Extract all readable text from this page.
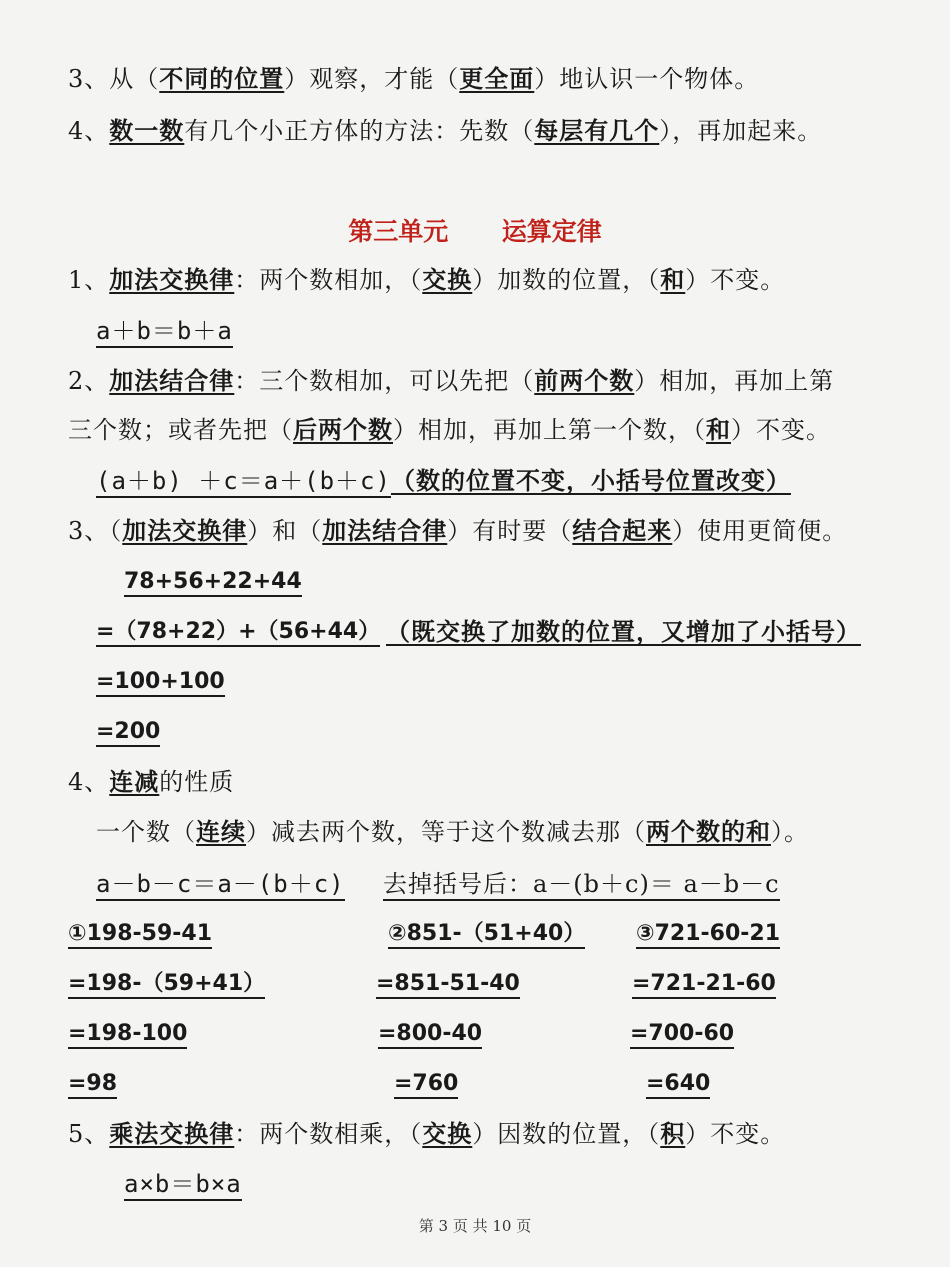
3、从（不同的位置）观察，才能（更全面）地认识一个物体。
4、数一数有几个小正方体的方法：先数（每层有几个），再加起来。
第三单元 运算定律
1、加法交换律：两个数相加，（交换）加数的位置，（和）不变。
a＋b＝b＋a
2、加法结合律：三个数相加，可以先把（前两个数）相加，再加上第
三个数；或者先把（后两个数）相加，再加上第一个数，（和）不变。
(a＋b) ＋c＝a＋(b＋c)（数的位置不变，小括号位置改变）
3、（加法交换律）和（加法结合律）有时要（结合起来）使用更简便。
78+56+22+44
=（78+22）+（56+44） （既交换了加数的位置，又增加了小括号）
=100+100
=200
4、连减的性质
一个数（连续）减去两个数，等于这个数减去那（两个数的和）。
a－b－c＝a－(b＋c) 去掉括号后：a－(b＋c)＝ a－b－c
①198-59-41
=198-（59+41）
=198-100
=98
②851-（51+40）
=851-51-40
=800-40
=760
③721-60-21
=721-21-60
=700-60
=640
5、乘法交换律：两个数相乘，（交换）因数的位置，（积）不变。
a×b＝b×a
第 3 页 共 10 页
